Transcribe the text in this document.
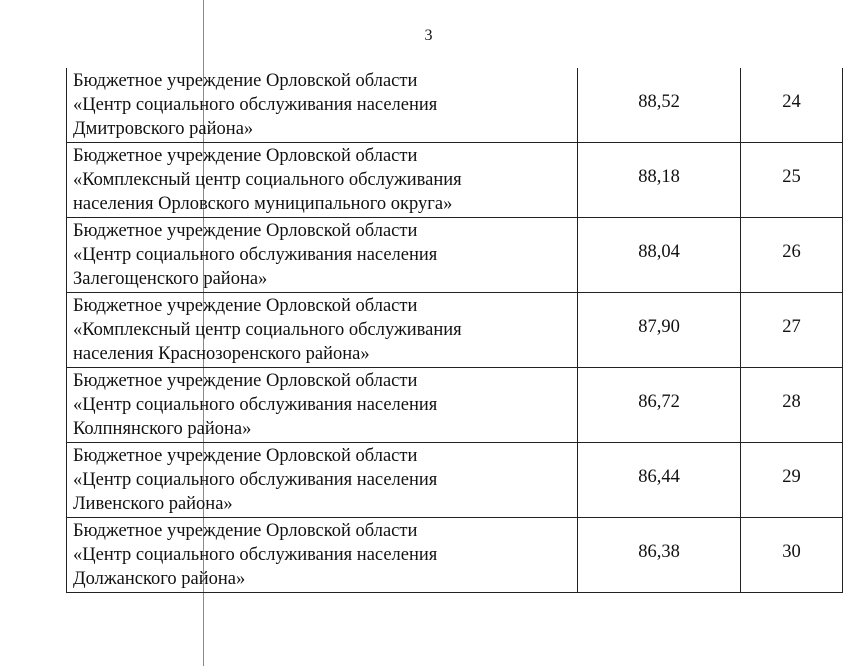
3
Бюджетное учреждение Орловской области
«Центр социального обслуживания населения
Дмитровского района»	88,52	24

Бюджетное учреждение Орловской области
«Комплексный центр социального обслуживания
населения Орловского муниципального округа»	88,18	25

Бюджетное учреждение Орловской области
«Центр социального обслуживания населения
Залегощенского района»	88,04	26

Бюджетное учреждение Орловской области
«Комплексный центр социального обслуживания
населения Краснозоренского района»	87,90	27

Бюджетное учреждение Орловской области
«Центр социального обслуживания населения
Колпнянского района»	86,72	28

Бюджетное учреждение Орловской области
«Центр социального обслуживания населения
Ливенского района»	86,44	29

Бюджетное учреждение Орловской области
«Центр социального обслуживания населения
Должанского района»	86,38	30
